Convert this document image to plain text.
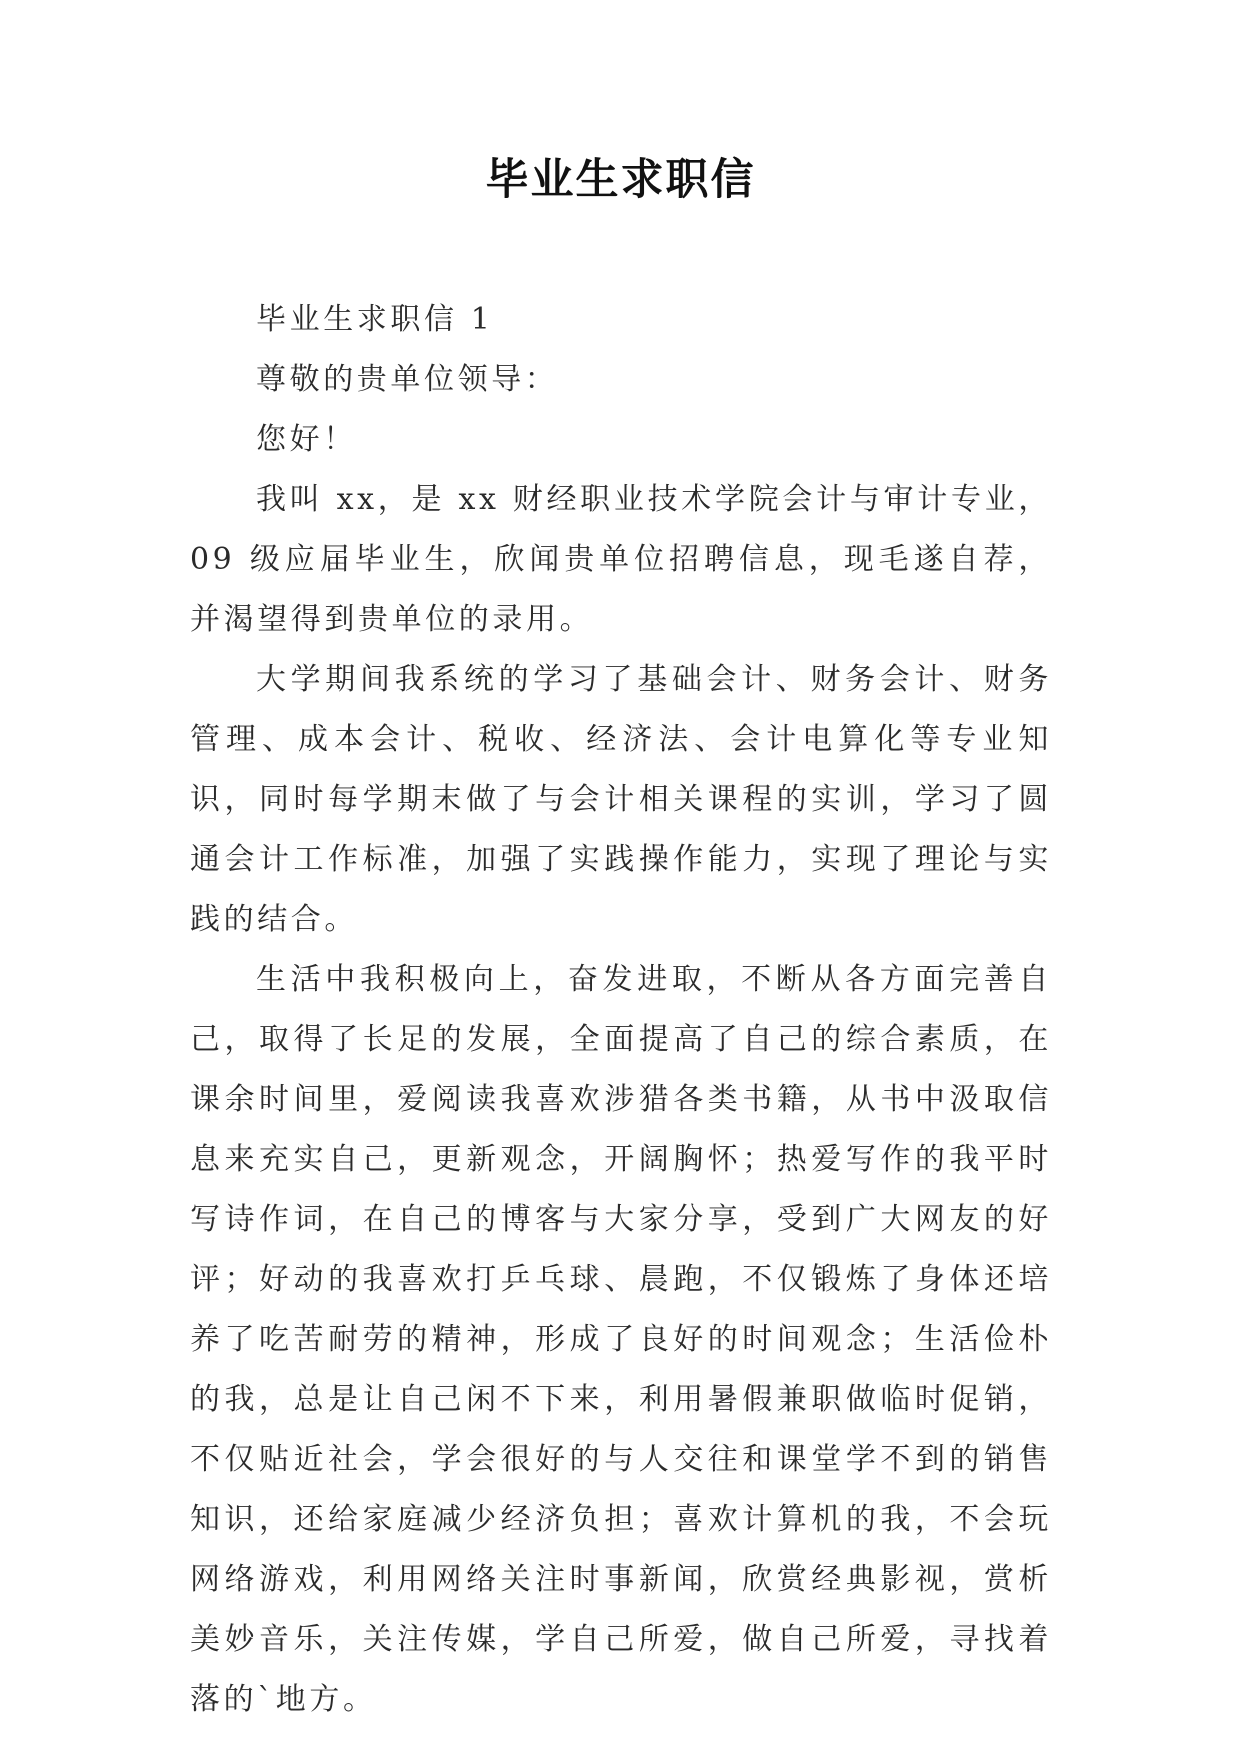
毕业生求职信

毕业生求职信 1

尊敬的贵单位领导：

您好！

我叫 xx，是 xx 财经职业技术学院会计与审计专业，09 级应届毕业生，欣闻贵单位招聘信息，现毛遂自荐，并渴望得到贵单位的录用。

大学期间我系统的学习了基础会计、财务会计、财务管理、成本会计、税收、经济法、会计电算化等专业知识，同时每学期末做了与会计相关课程的实训，学习了圆通会计工作标准，加强了实践操作能力，实现了理论与实践的结合。

生活中我积极向上，奋发进取，不断从各方面完善自己，取得了长足的发展，全面提高了自己的综合素质，在课余时间里，爱阅读我喜欢涉猎各类书籍，从书中汲取信息来充实自己，更新观念，开阔胸怀；热爱写作的我平时写诗作词，在自己的博客与大家分享，受到广大网友的好评；好动的我喜欢打乒乓球、晨跑，不仅锻炼了身体还培养了吃苦耐劳的精神，形成了良好的时间观念；生活俭朴的我，总是让自己闲不下来，利用暑假兼职做临时促销，不仅贴近社会，学会很好的与人交往和课堂学不到的销售知识，还给家庭减少经济负担；喜欢计算机的我，不会玩网络游戏，利用网络关注时事新闻，欣赏经典影视，赏析美妙音乐，关注传媒，学自己所爱，做自己所爱，寻找着落的`地方。
